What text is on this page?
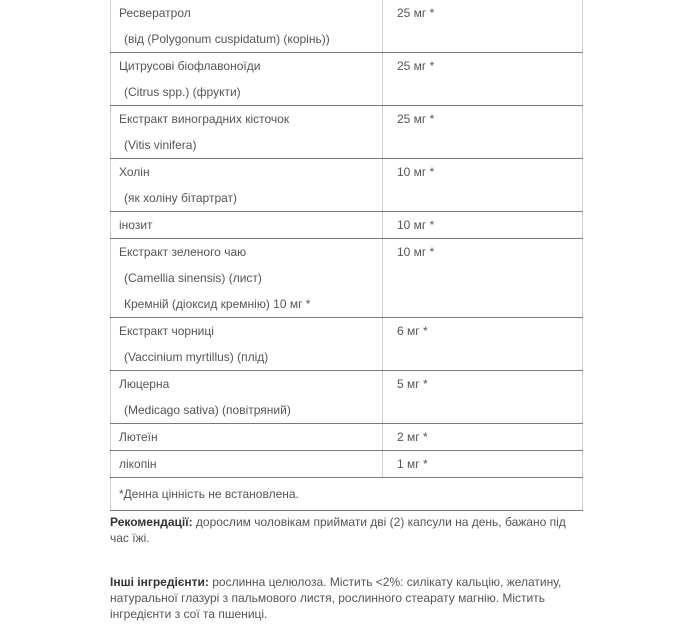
Ресвератрол
(від (Polygonum cuspidatum) (корінь))	25 мг *

Цитрусові біофлавоноїди
(Citrus spp.) (фрукти)	25 мг *

Екстракт виноградних кісточок
(Vitis vinifera)	25 мг *

Холін
(як холіну бітартрат)	10 мг *

інозит	10 мг *

Екстракт зеленого чаю
(Camellia sinensis) (лист)
Кремній (діоксид кремнію) 10 мг *	10 мг *

Екстракт чорниці
(Vaccinium myrtillus) (плід)	6 мг *

Люцерна
(Medicago sativa) (повітряний)	5 мг *

Лютеїн	2 мг *

лікопін	1 мг *

*Денна цінність не встановлена.	

Рекомендації: дорослим чоловікам приймати дві (2) капсули на день, бажано під час їжі.

Інші інгредієнти: рослинна целюлоза. Містить <2%: силікату кальцію, желатину, натуральної глазурі з пальмового листя, рослинного стеарату магнію. Містить інгредієнти з сої та пшениці.
